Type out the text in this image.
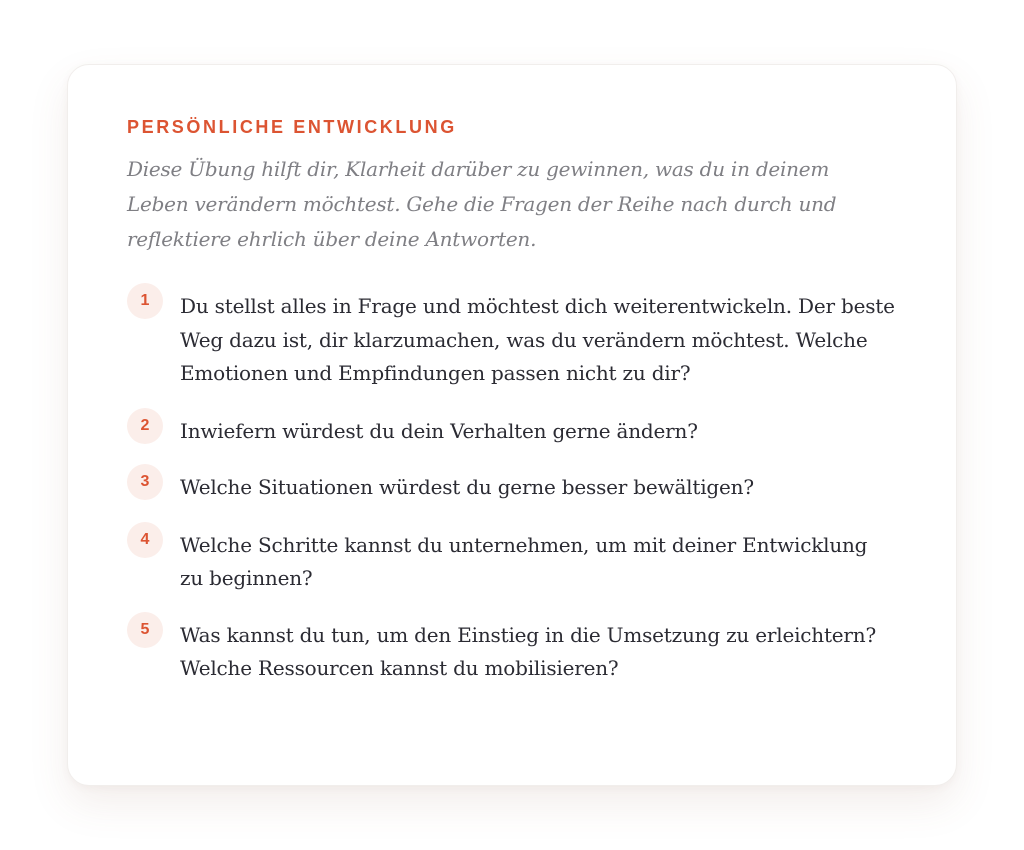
PERSÖNLICHE ENTWICKLUNG

Diese Übung hilft dir, Klarheit darüber zu gewinnen, was du in deinem Leben verändern möchtest. Gehe die Fragen der Reihe nach durch und reflektiere ehrlich über deine Antworten.

1	Du stellst alles in Frage und möchtest dich weiterentwickeln. Der beste Weg dazu ist, dir klarzumachen, was du verändern möchtest. Welche Emotionen und Empfindungen passen nicht zu dir?
2	Inwiefern würdest du dein Verhalten gerne ändern?
3	Welche Situationen würdest du gerne besser bewältigen?
4	Welche Schritte kannst du unternehmen, um mit deiner Entwicklung zu beginnen?
5	Was kannst du tun, um den Einstieg in die Umsetzung zu erleichtern? Welche Ressourcen kannst du mobilisieren?
